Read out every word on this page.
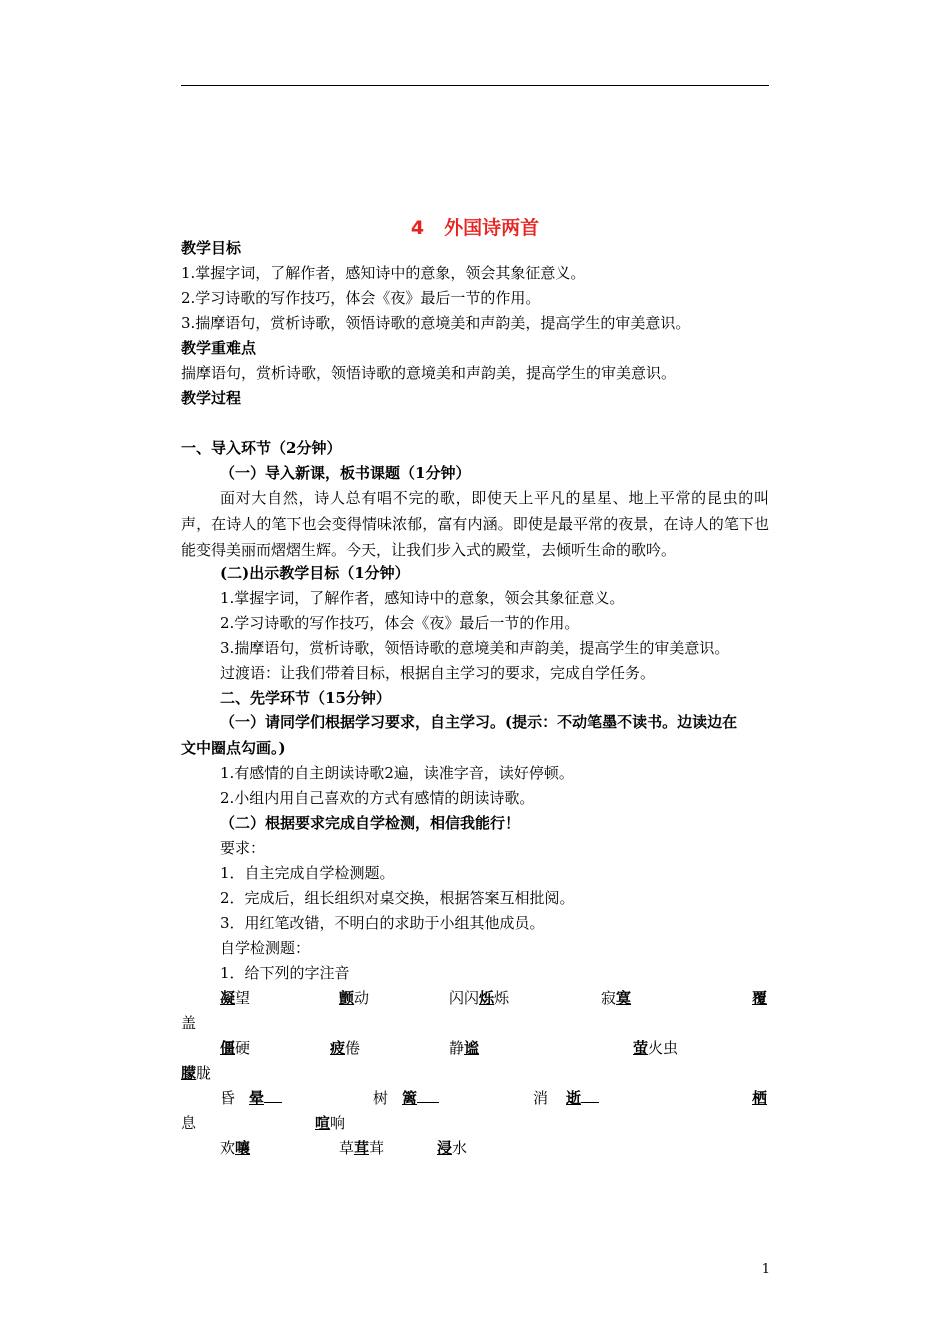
4 外国诗两首
教学目标
1.掌握字词，了解作者，感知诗中的意象，领会其象征意义。
2.学习诗歌的写作技巧，体会《夜》最后一节的作用。
3.揣摩语句，赏析诗歌，领悟诗歌的意境美和声韵美，提高学生的审美意识。
教学重难点
揣摩语句，赏析诗歌，领悟诗歌的意境美和声韵美，提高学生的审美意识。
教学过程
一、导入环节（2分钟）
（一）导入新课，板书课题（1分钟）
面对大自然，诗人总有唱不完的歌，即使天上平凡的星星、地上平常的昆虫的叫声，在诗人的笔下也会变得情味浓郁，富有内涵。即使是最平常的夜景，在诗人的笔下也能变得美丽而熠熠生辉。今天，让我们步入式的殿堂，去倾听生命的歌吟。
(二)出示教学目标（1分钟）
1.掌握字词，了解作者，感知诗中的意象，领会其象征意义。
2.学习诗歌的写作技巧，体会《夜》最后一节的作用。
3.揣摩语句，赏析诗歌，领悟诗歌的意境美和声韵美，提高学生的审美意识。
过渡语：让我们带着目标，根据自主学习的要求，完成自学任务。
二、先学环节（15分钟）
（一）请同学们根据学习要求，自主学习。(提示：不动笔墨不读书。边读边在
文中圈点勾画。)
1.有感情的自主朗读诗歌2遍，读准字音，读好停顿。
2.小组内用自己喜欢的方式有感情的朗读诗歌。
（二）根据要求完成自学检测，相信我能行！
要求：
1．自主完成自学检测题。
2．完成后，组长组织对桌交换，根据答案互相批阅。
3．用红笔改错，不明白的求助于小组其他成员。
自学检测题：
1．给下列的字注音
凝望	颤动	闪闪烁烁	寂寞	覆
盖
僵硬	疲倦	静谧	萤火虫
朦胧
昏 晕	树 篱	消 逝	栖
息	喧响
欢嚷	草茸茸	浸水
1
